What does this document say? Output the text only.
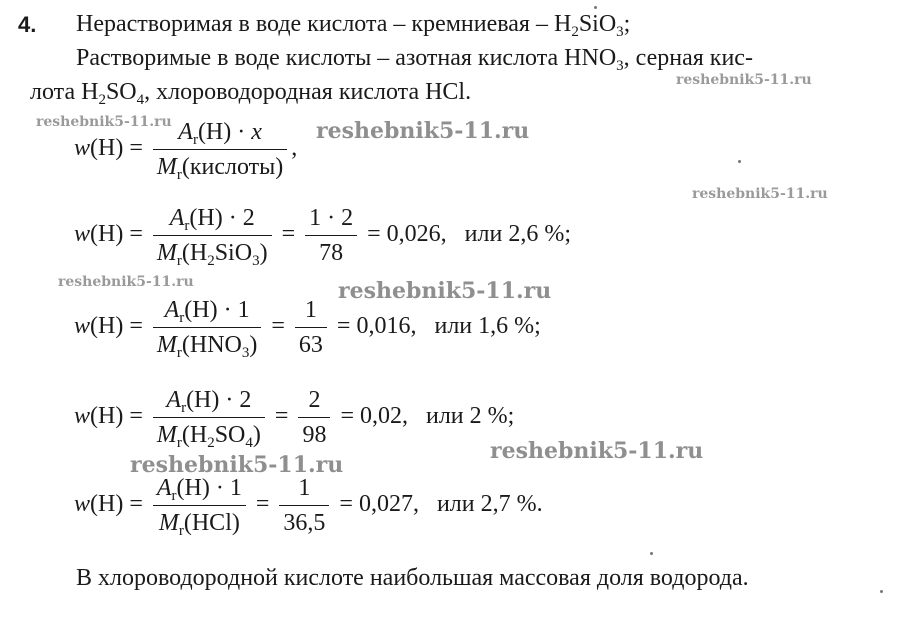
4. Нерастворимая в воде кислота – кремниевая – $H_2SiO_3$;
Растворимые в воде кислоты – азотная кислота $HNO_3$, серная кис-
лота $H_2SO_4$, хлороводородная кислота HCl.
$w(H) = \frac{A_r(H) \cdot x}{M_r(кислоты)}$ ,
$w(H) = \frac{A_r(H) \cdot 2}{M_r(H_2SiO_3)} = \frac{1 \cdot 2}{78} = 0,026$, или 2,6 %;
$w(H) = \frac{A_r(H) \cdot 1}{M_r(HNO_3)} = \frac{1}{63} = 0,016$, или 1,6 %;
$w(H) = \frac{A_r(H) \cdot 2}{M_r(H_2SO_4)} = \frac{2}{98} = 0,02$, или 2 %;
$w(H) = \frac{A_r(H) \cdot 1}{M_r(HCl)} = \frac{1}{36,5} = 0,027$, или 2,7 %.
В хлороводородной кислоте наибольшая массовая доля водорода.
reshebnik5-11.ru
reshebnik5-11.ru	reshebnik5-11.ru
reshebnik5-11.ru
reshebnik5-11.ru	reshebnik5-11.ru
reshebnik5-11.ru
reshebnik5-11.ru
